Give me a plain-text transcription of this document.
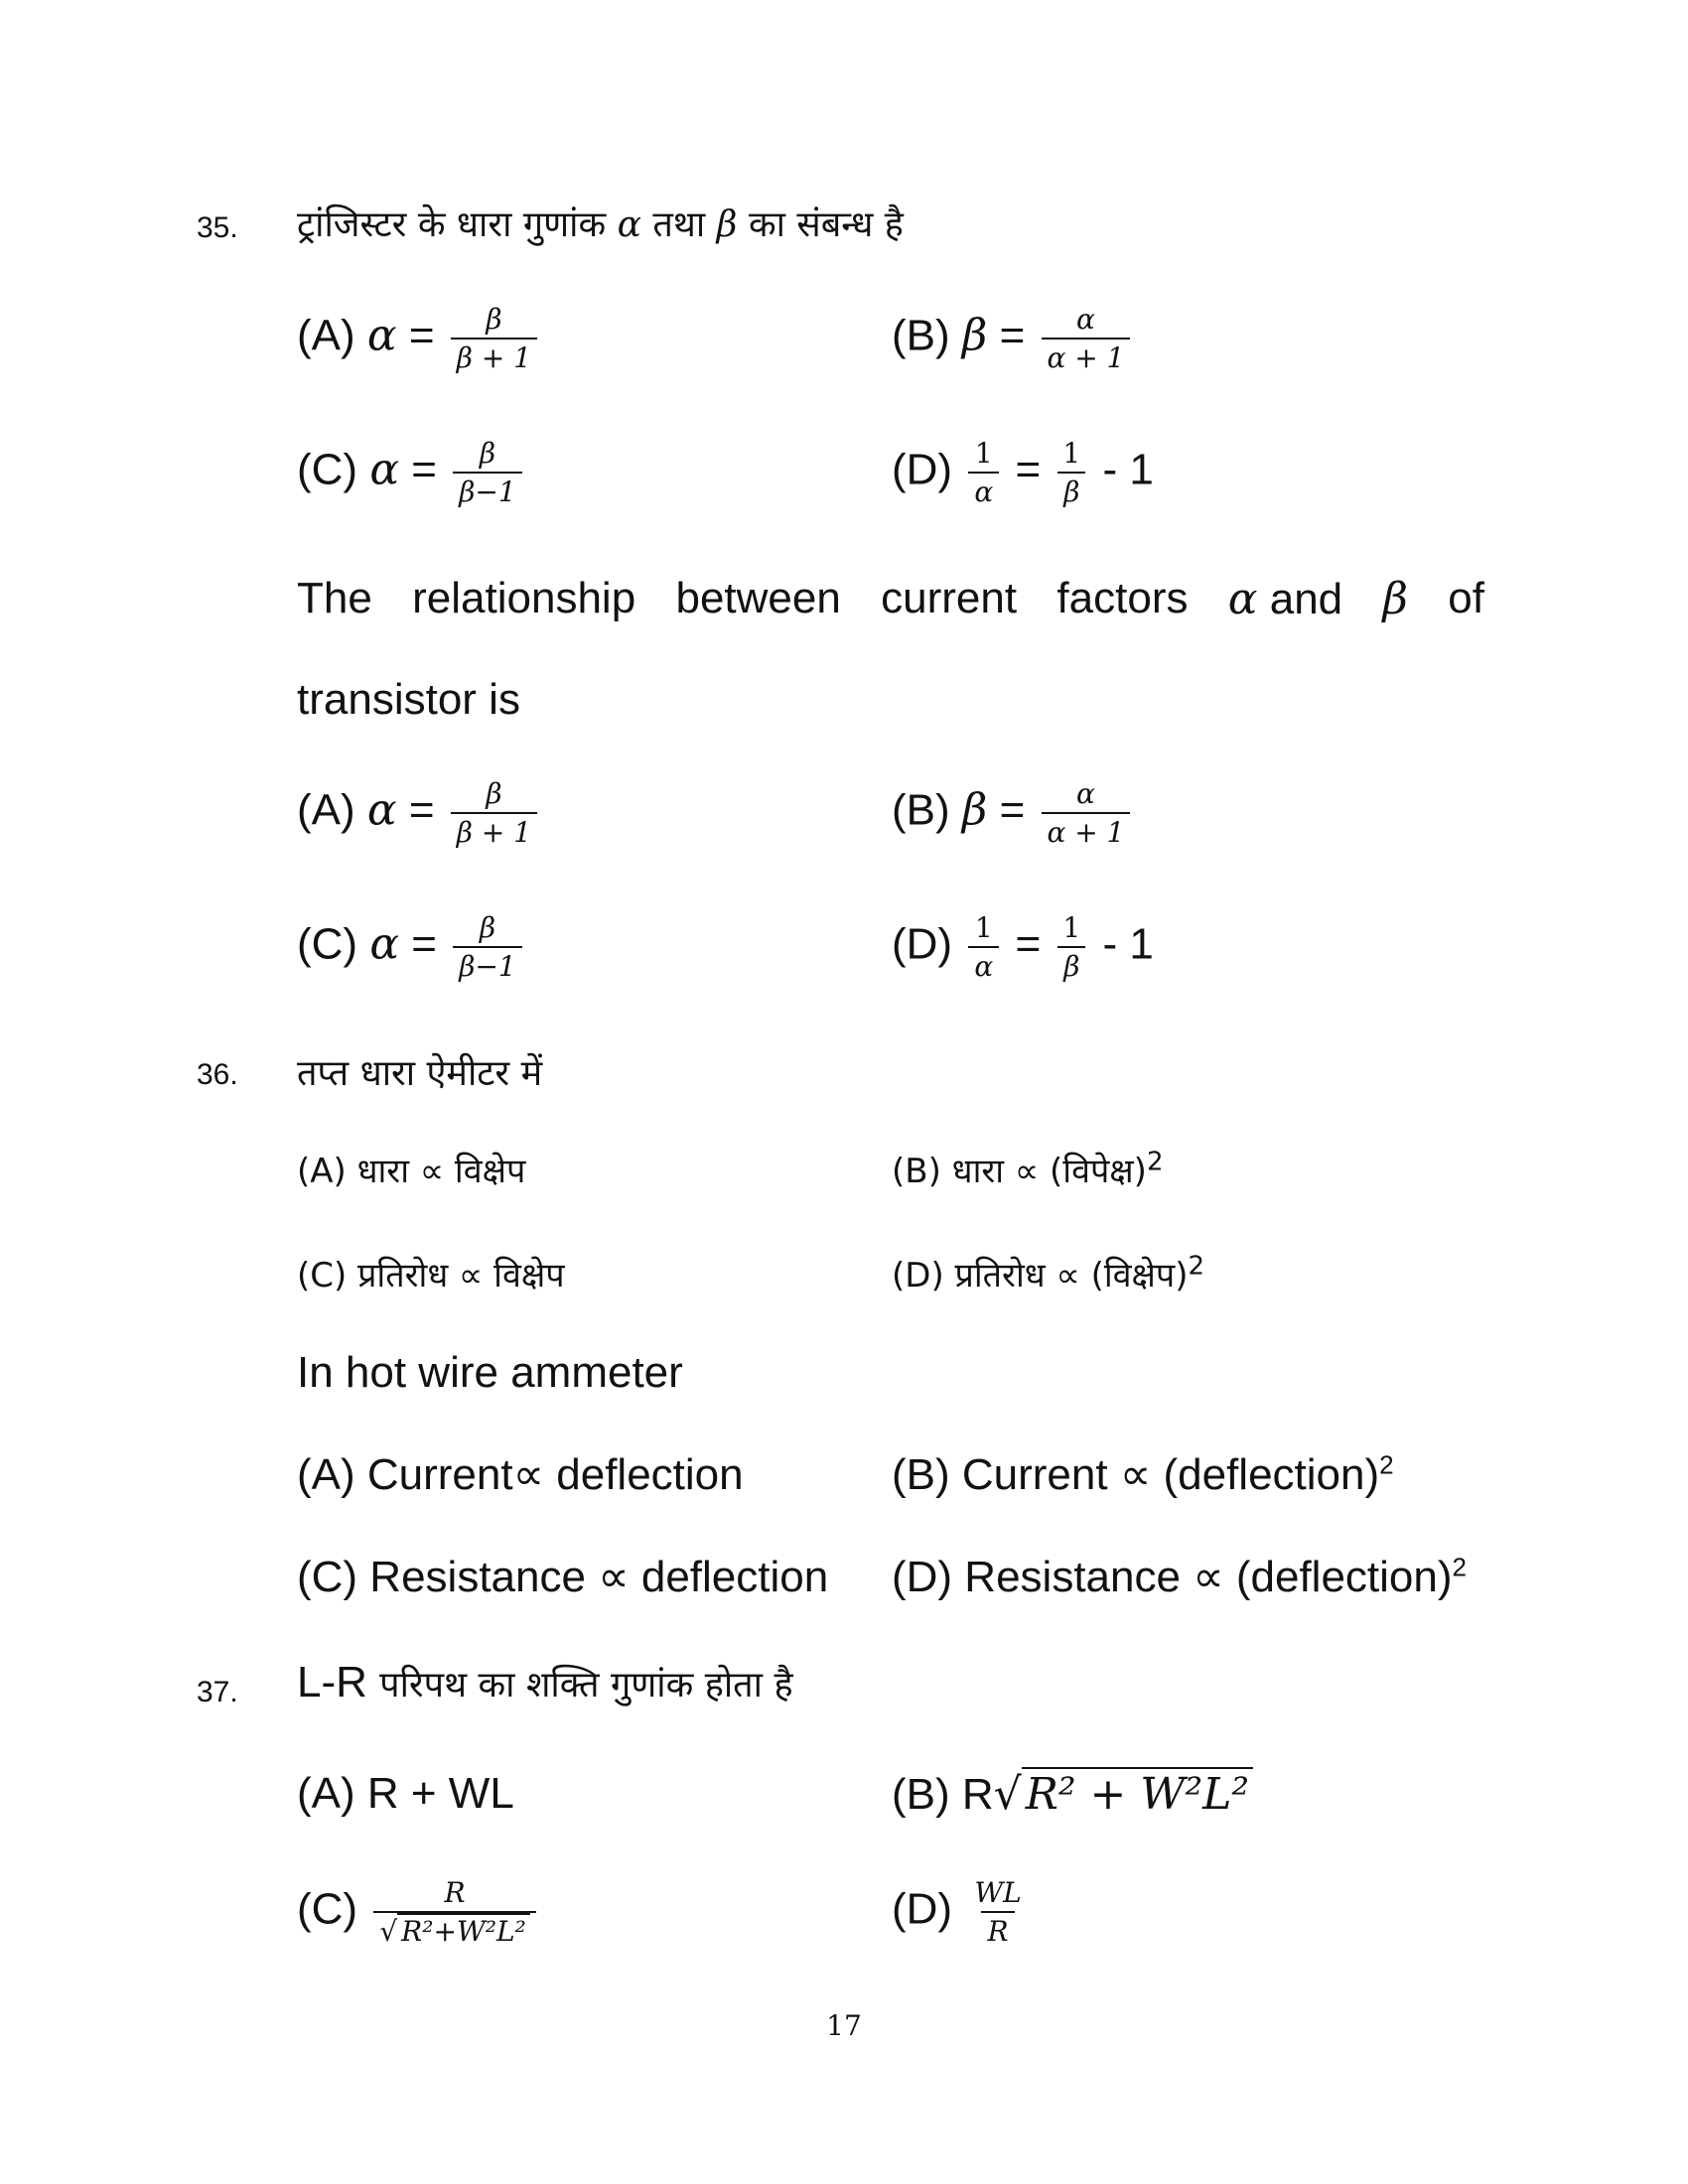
35. ट्रांजिस्टर के धारा गुणांक α तथा β का संबन्ध है
(A) $\alpha = \frac{\beta}{\beta + 1}$	(B) $\beta = \frac{\alpha}{\alpha + 1}$
(C) $\alpha = \frac{\beta}{\beta-1}$	$(D) \frac{1}{\alpha} = \frac{1}{\beta} - 1$
The relationship between current factors α and β of
transistor is
(A) $\alpha = \frac{\beta}{\beta + 1}$	(B) $\beta = \frac{\alpha}{\alpha + 1}$
(C) $\alpha = \frac{\beta}{\beta-1}$	$(D) \frac{1}{\alpha} = \frac{1}{\beta} - 1$
36. तप्त धारा ऐमीटर में
(A) धारा ∝ विक्षेप	(B) धारा ∝ (विपेक्ष)$^2$
(C) प्रतिरोध ∝ विक्षेप	(D) प्रतिरोध ∝ (विक्षेप)$^2$
In hot wire ammeter
(A) Current∝ deflection	(B) Current ∝ (deflection)$^2$
(C) Resistance ∝ deflection (D) Resistance ∝ (deflection)$^2$
37. L-R परिपथ का शक्ति गुणांक होता है
(A) R + WL	(B) R√R² + W²L²
$(C) \frac{R}{\text{√ R²+W²L²}}$	$(D) \frac{WL}{R}$
17
